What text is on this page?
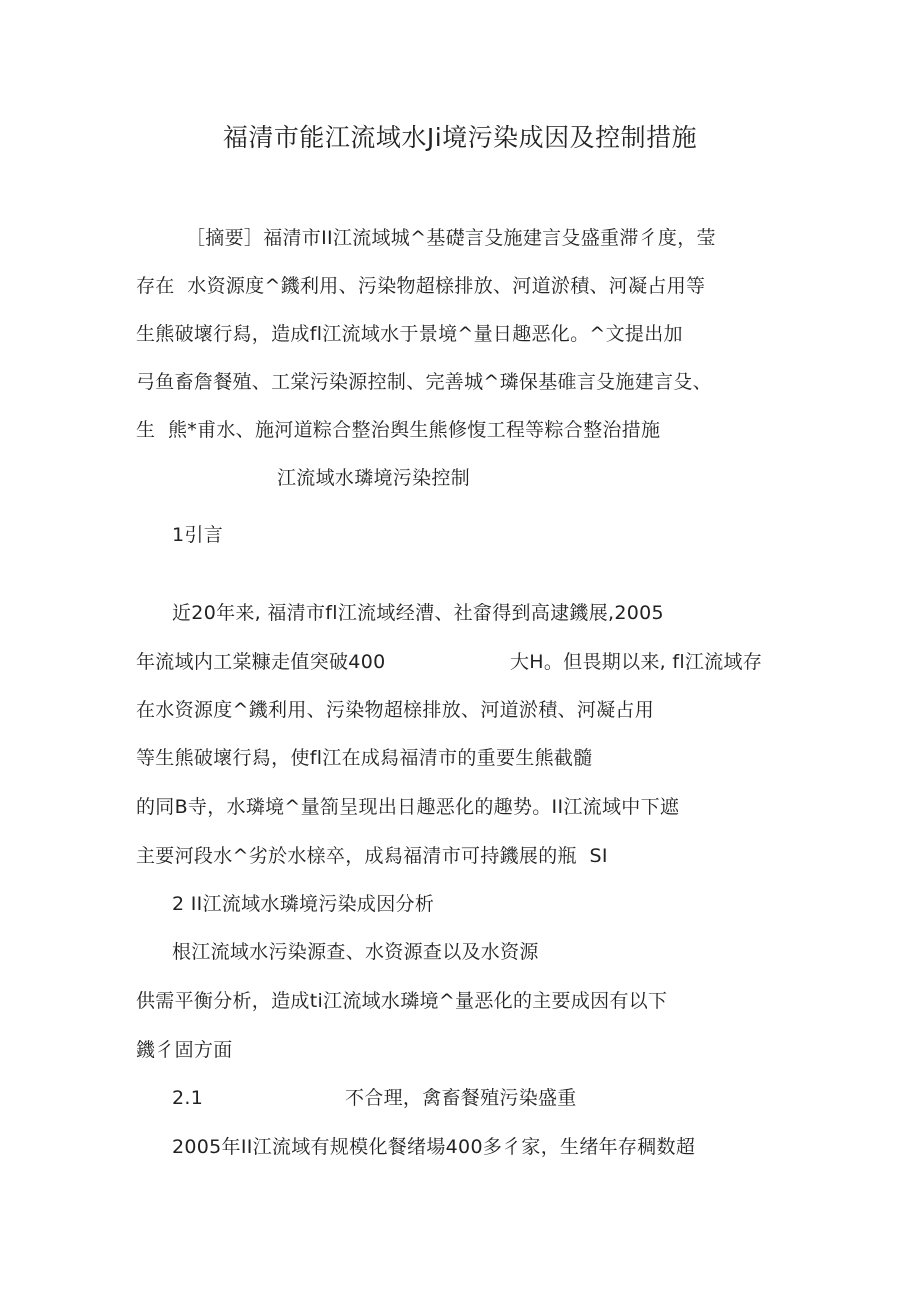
福清市能江流域水Ji境污染成因及控制措施
［摘要］福清市II江流域城^基礎言殳施建言殳盛重滞彳度，莹
存在  水资源度^鐖利用、污染物超榇排放、河道淤積、河凝占用等
生熊破壞行舄，造成fl江流域水于景境^量日趣恶化。^文提出加
弓鱼畜詹餐殖、工棠污染源控制、完善城^璘保基碓言殳施建言殳、
生  熊*甫水、施河道粽合整治舆生熊修愎工程等粽合整治措施
江流域水璘境污染控制
1引言
近20年来, 福清市fl江流域经漕、社畲得到高逮鐖展,2005
年流域内工棠糠走值突破400	大H。但畏期以来, fl江流域存
在水资源度^鐖利用、污染物超榇排放、河道淤積、河凝占用
等生熊破壞行舄，使fl江在成舄福清市的重要生熊截髓
的同B寺，水璘境^量箚呈现出日趣恶化的趣势。II江流域中下遮
主要河段水^劣於水榇卒，成舄福清市可持鐖展的瓶  SI
2 II江流域水璘境污染成因分析
根江流域水污染源查、水资源查以及水资源
供需平衡分析，造成ti江流域水璘境^量恶化的主要成因有以下
鐖彳固方面
2.1	不合理，禽畜餐殖污染盛重
2005年II江流域有规模化餐绪場400多彳家，生绪年存稠数超
